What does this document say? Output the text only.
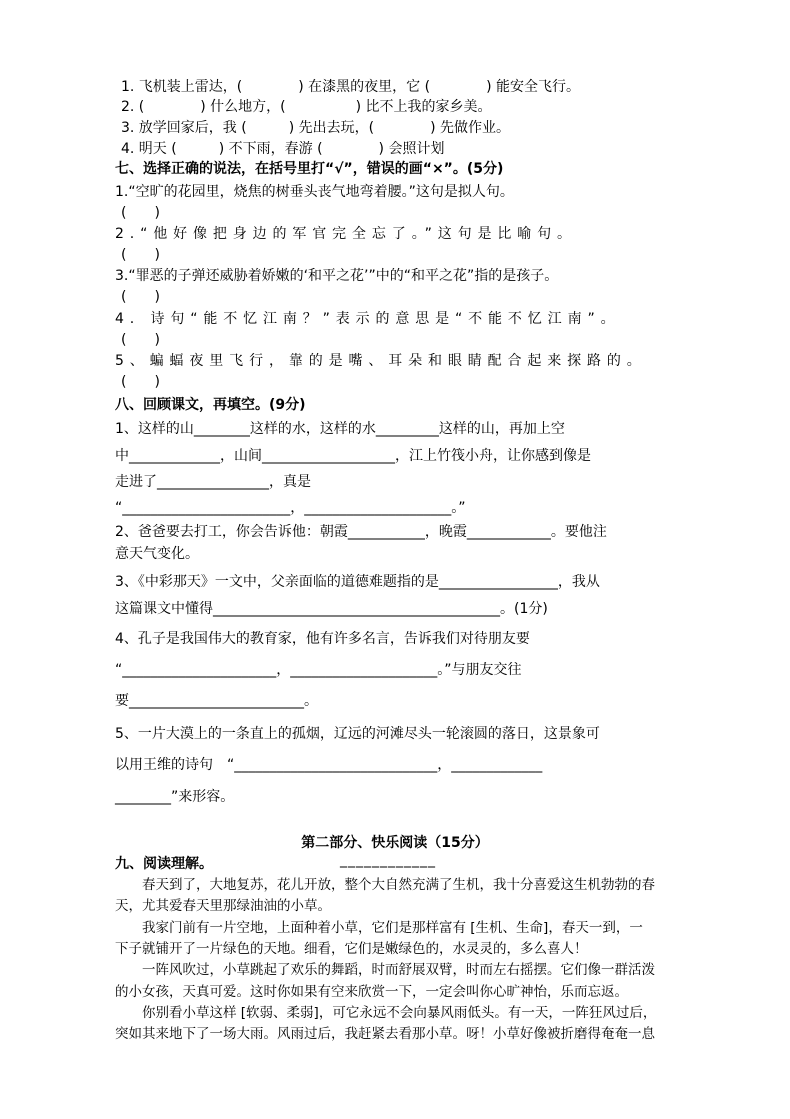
1. 飞机装上雷达，(　　　　) 在漆黑的夜里，它 (　　　　) 能安全飞行。
2. (　　　　) 什么地方，(　　　　　) 比不上我的家乡美。
3. 放学回家后，我 (　　　) 先出去玩，(　　　　) 先做作业。
4. 明天 (　　　) 不下雨，春游 (　　　　) 会照计划
七、选择正确的说法，在括号里打“√”，错误的画“×”。(5分)
1.“空旷的花园里，烧焦的树垂头丧气地弯着腰。”这句是拟人句。
(　　)
2.“他好像把身边的军官完全忘了。”这句是比喻句。
(　　)
3.“罪恶的子弹还威胁着娇嫩的‘和平之花’”中的“和平之花”指的是孩子。
(　　)
4. 诗句“能不忆江南？”表示的意思是“不能不忆江南”。
(　　)
5、蝙蝠夜里飞行，靠的是嘴、耳朵和眼睛配合起来探路的。
(　　)
八、回顾课文，再填空。(9分)
1、这样的山________这样的水，这样的水_________这样的山，再加上空
中_____________，山间___________________，江上竹筏小舟，让你感到像是
走进了________________，真是
“________________________，_____________________。”
2、爸爸要去打工，你会告诉他：朝霞___________，晚霞____________。要他注
意天气变化。
3、《中彩那天》一文中，父亲面临的道德难题指的是_________________，我从
这篇课文中懂得_________________________________________。(1分)
4、孔子是我国伟大的教育家，他有许多名言，告诉我们对待朋友要
“______________________，_____________________。”与朋友交往
要_________________________。
5、一片大漠上的一条直上的孤烟，辽远的河滩尽头一轮滚圆的落日，这景象可
以用王维的诗句　“_____________________________，_____________
________”来形容。
第二部分、快乐阅读（15分）
九、阅读理解。	____________
　　春天到了，大地复苏，花儿开放，整个大自然充满了生机，我十分喜爱这生机勃勃的春
天，尤其爱春天里那绿油油的小草。
　　我家门前有一片空地，上面种着小草，它们是那样富有 [生机、生命]，春天一到，一
下子就铺开了一片绿色的天地。细看，它们是嫩绿色的，水灵灵的，多么喜人！
　　一阵风吹过，小草跳起了欢乐的舞蹈，时而舒展双臂，时而左右摇摆。它们像一群活泼
的小女孩，天真可爱。这时你如果有空来欣赏一下，一定会叫你心旷神怡，乐而忘返。
　　你别看小草这样 [软弱、柔弱]，可它永远不会向暴风雨低头。有一天，一阵狂风过后，
突如其来地下了一场大雨。风雨过后，我赶紧去看那小草。呀！小草好像被折磨得奄奄一息
